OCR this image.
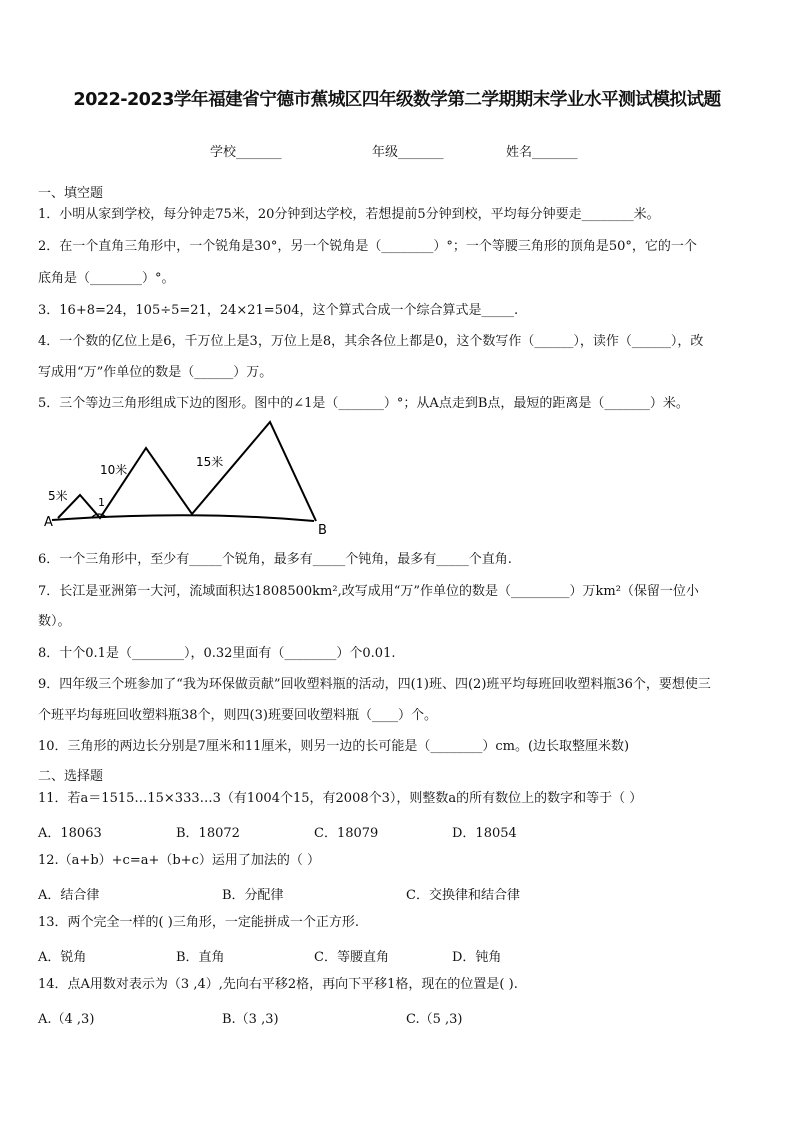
2022-2023学年福建省宁德市蕉城区四年级数学第二学期期末学业水平测试模拟试题
学校_______	年级_______	姓名_______
一、填空题
1．小明从家到学校，每分钟走75米，20分钟到达学校，若想提前5分钟到校，平均每分钟要走________米。
2．在一个直角三角形中，一个锐角是30°，另一个锐角是（________）°；一个等腰三角形的顶角是50°，它的一个
底角是（________）°。
3．16+8=24，105÷5=21，24×21=504，这个算式合成一个综合算式是_____.
4．一个数的亿位上是6，千万位上是3，万位上是8，其余各位上都是0，这个数写作（______），读作（______），改
写成用“万”作单位的数是（______）万。
5．三个等边三角形组成下边的图形。图中的∠1是（_______）°；从A点走到B点，最短的距离是（_______）米。
5米
10米
15米
1
A
B
6．一个三角形中，至少有_____个锐角，最多有_____个钝角，最多有_____个直角.
7．长江是亚洲第一大河，流域面积达1808500km²,改写成用“万”作单位的数是（_________）万km²（保留一位小
数）。
8．十个0.1是（________），0.32里面有（________）个0.01.
9．四年级三个班参加了“我为环保做贡献”回收塑料瓶的活动，四(1)班、四(2)班平均每班回收塑料瓶36个，要想使三
个班平均每班回收塑料瓶38个，则四(3)班要回收塑料瓶（____）个。
10．三角形的两边长分别是7厘米和11厘米，则另一边的长可能是（________）cm。(边长取整厘米数)
二、选择题
11．若a＝1515…15×333…3（有1004个15，有2008个3），则整数a的所有数位上的数字和等于（ ）
A．18063	B．18072	C．18079	D．18054
12.（a+b）+c=a+（b+c）运用了加法的（ ）
A．结合律	B．分配律	C．交换律和结合律
13．两个完全一样的( )三角形，一定能拼成一个正方形.
A．锐角	B．直角	C．等腰直角	D．钝角
14．点A用数对表示为（3 ,4）,先向右平移2格，再向下平移1格，现在的位置是( ).
A.（4 ,3)	B.（3 ,3)	C.（5 ,3)
